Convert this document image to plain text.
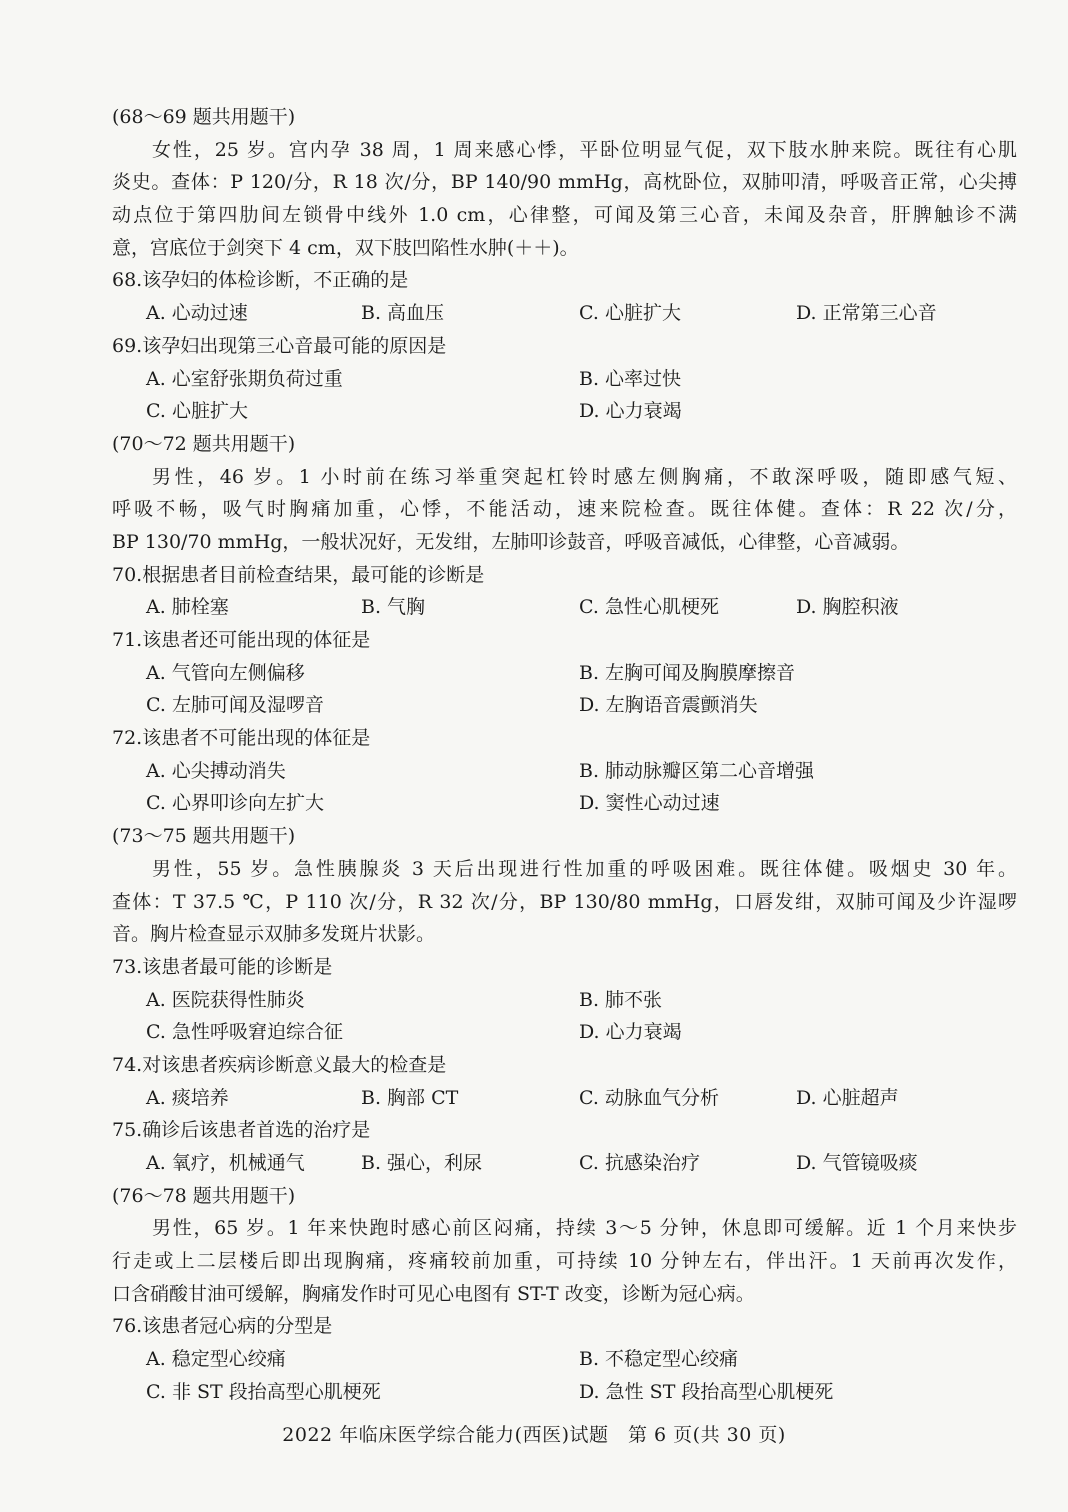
(68～69 题共用题干)
女性，25 岁。宫内孕 38 周，1 周来感心悸，平卧位明显气促，双下肢水肿来院。既往有心肌
炎史。查体：P 120/分，R 18 次/分，BP 140/90 mmHg，高枕卧位，双肺叩清，呼吸音正常，心尖搏
动点位于第四肋间左锁骨中线外 1.0 cm，心律整，可闻及第三心音，未闻及杂音，肝脾触诊不满
意，宫底位于剑突下 4 cm，双下肢凹陷性水肿(＋＋)。
68.该孕妇的体检诊断，不正确的是
A. 心动过速	B. 高血压	C. 心脏扩大	D. 正常第三心音
69.该孕妇出现第三心音最可能的原因是
A. 心室舒张期负荷过重	B. 心率过快
C. 心脏扩大	D. 心力衰竭
(70～72 题共用题干)
男性，46 岁。1 小时前在练习举重突起杠铃时感左侧胸痛，不敢深呼吸，随即感气短、
呼吸不畅，吸气时胸痛加重，心悸，不能活动，速来院检查。既往体健。查体：R 22 次/分，
BP 130/70 mmHg，一般状况好，无发绀，左肺叩诊鼓音，呼吸音减低，心律整，心音减弱。
70.根据患者目前检查结果，最可能的诊断是
A. 肺栓塞	B. 气胸	C. 急性心肌梗死	D. 胸腔积液
71.该患者还可能出现的体征是
A. 气管向左侧偏移	B. 左胸可闻及胸膜摩擦音
C. 左肺可闻及湿啰音	D. 左胸语音震颤消失
72.该患者不可能出现的体征是
A. 心尖搏动消失	B. 肺动脉瓣区第二心音增强
C. 心界叩诊向左扩大	D. 窦性心动过速
(73～75 题共用题干)
男性，55 岁。急性胰腺炎 3 天后出现进行性加重的呼吸困难。既往体健。吸烟史 30 年。
查体：T 37.5 ℃，P 110 次/分，R 32 次/分，BP 130/80 mmHg，口唇发绀，双肺可闻及少许湿啰
音。胸片检查显示双肺多发斑片状影。
73.该患者最可能的诊断是
A. 医院获得性肺炎	B. 肺不张
C. 急性呼吸窘迫综合征	D. 心力衰竭
74.对该患者疾病诊断意义最大的检查是
A. 痰培养	B. 胸部 CT	C. 动脉血气分析	D. 心脏超声
75.确诊后该患者首选的治疗是
A. 氧疗，机械通气	B. 强心，利尿	C. 抗感染治疗	D. 气管镜吸痰
(76～78 题共用题干)
男性，65 岁。1 年来快跑时感心前区闷痛，持续 3～5 分钟，休息即可缓解。近 1 个月来快步
行走或上二层楼后即出现胸痛，疼痛较前加重，可持续 10 分钟左右，伴出汗。1 天前再次发作，
口含硝酸甘油可缓解，胸痛发作时可见心电图有 ST-T 改变，诊断为冠心病。
76.该患者冠心病的分型是
A. 稳定型心绞痛	B. 不稳定型心绞痛
C. 非 ST 段抬高型心肌梗死	D. 急性 ST 段抬高型心肌梗死
2022 年临床医学综合能力(西医)试题　第 6 页(共 30 页)
